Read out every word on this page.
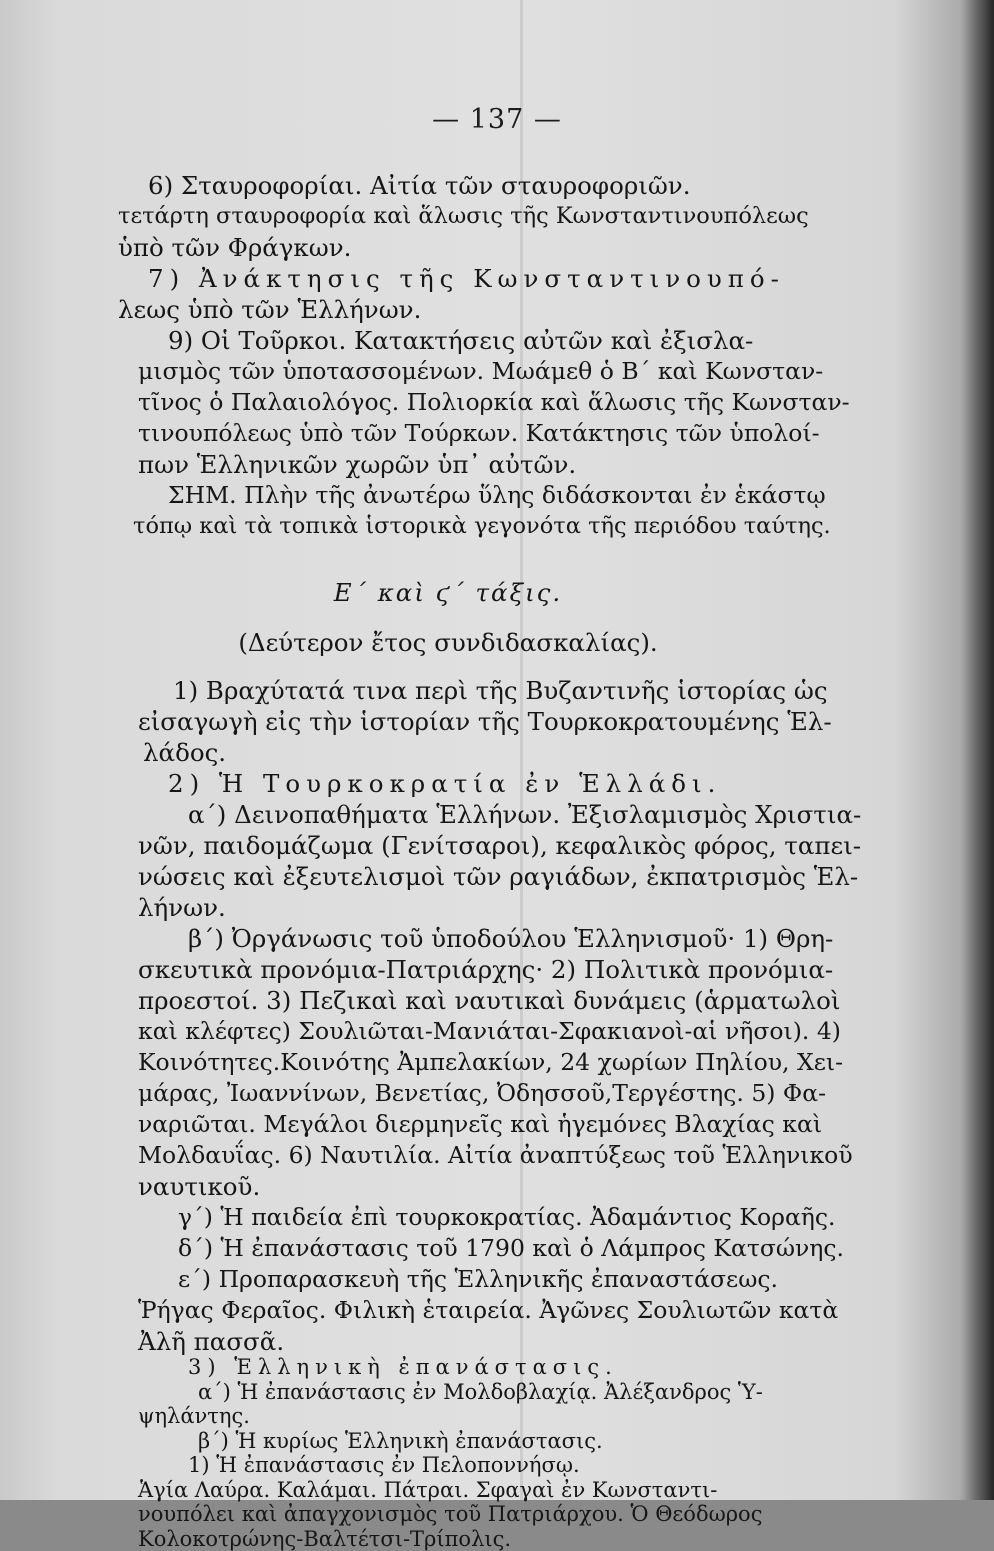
— 137 —
6) Σταυροφορίαι. Αἰτία τῶν σταυροφοριῶν.
τετάρτη σταυροφορία καὶ ἅλωσις τῆς Κωνσταντινουπόλεως
ὑπὸ τῶν Φράγκων.
7) Ἀνάκτησις τῆς Κωνσταντινουπό-
λεως ὑπὸ τῶν Ἑλλήνων.
9) Οἱ Τοῦρκοι. Κατακτήσεις αὐτῶν καὶ ἐξισλα-
μισμὸς τῶν ὑποτασσομένων. Μωάμεθ ὁ Β΄ καὶ Κωνσταν-
τῖνος ὁ Παλαιολόγος. Πολιορκία καὶ ἅλωσις τῆς Κωνσταν-
τινουπόλεως ὑπὸ τῶν Τούρκων. Κατάκτησις τῶν ὑπολοί-
πων Ἑλληνικῶν χωρῶν ὑπ᾽ αὐτῶν.
ΣΗΜ. Πλὴν τῆς ἀνωτέρω ὕλης διδάσκονται ἐν ἑκάστῳ
τόπῳ καὶ τὰ τοπικὰ ἱστορικὰ γεγονότα τῆς περιόδου ταύτης.
Ε΄ καὶ ϛ΄ τάξις.
(Δεύτερον ἔτος συνδιδασκαλίας).
1) Βραχύτατά τινα περὶ τῆς Βυζαντινῆς ἱστορίας ὡς
εἰσαγωγὴ εἰς τὴν ἱστορίαν τῆς Τουρκοκρατουμένης Ἑλ-
λάδος.
2) Ἡ Τουρκοκρατία ἐν Ἑλλάδι.
α΄) Δεινοπαθήματα Ἑλλήνων. Ἐξισλαμισμὸς Χριστια-
νῶν, παιδομάζωμα (Γενίτσαροι), κεφαλικὸς φόρος, ταπει-
νώσεις καὶ ἐξευτελισμοὶ τῶν ραγιάδων, ἐκπατρισμὸς Ἑλ-
λήνων.
β΄) Ὀργάνωσις τοῦ ὑποδούλου Ἑλληνισμοῦ· 1) Θρη-
σκευτικὰ προνόμια-Πατριάρχης· 2) Πολιτικὰ προνόμια-
προεστοί. 3) Πεζικαὶ καὶ ναυτικαὶ δυνάμεις (ἁρματωλοὶ
καὶ κλέφτες) Σουλιῶται-Μανιάται-Σφακιανοὶ-αἱ νῆσοι). 4)
Κοινότητες.Κοινότης Ἀμπελακίων, 24 χωρίων Πηλίου, Χει-
μάρας, Ἰωαννίνων, Βενετίας, Ὀδησσοῦ,Τεργέστης. 5) Φα-
ναριῶται. Μεγάλοι διερμηνεῖς καὶ ἡγεμόνες Βλαχίας καὶ
Μολδαυΐας. 6) Ναυτιλία. Αἰτία ἀναπτύξεως τοῦ Ἑλληνικοῦ
ναυτικοῦ.
γ΄) Ἡ παιδεία ἐπὶ τουρκοκρατίας. Ἀδαμάντιος Κοραῆς.
δ΄) Ἡ ἐπανάστασις τοῦ 1790 καὶ ὁ Λάμπρος Κατσώνης.
ε΄) Προπαρασκευὴ τῆς Ἑλληνικῆς ἐπαναστάσεως.
Ῥήγας Φεραῖος. Φιλικὴ ἑταιρεία. Ἀγῶνες Σουλιωτῶν κατὰ
Ἀλῆ πασσᾶ.
3) Ἑλληνικὴ ἐπανάστασις.
α΄) Ἡ ἐπανάστασις ἐν Μολδοβλαχίᾳ. Ἀλέξανδρος Ὑ-
ψηλάντης.
β΄) Ἡ κυρίως Ἑλληνικὴ ἐπανάστασις.
1) Ἡ ἐπανάστασις ἐν Πελοποννήσῳ.
Ἁγία Λαύρα. Καλάμαι. Πάτραι. Σφαγαὶ ἐν Κωνσταντι-
νουπόλει καὶ ἀπαγχονισμὸς τοῦ Πατριάρχου. Ὁ Θεόδωρος
Κολοκοτρώνης-Βαλτέτσι-Τρίπολις.
